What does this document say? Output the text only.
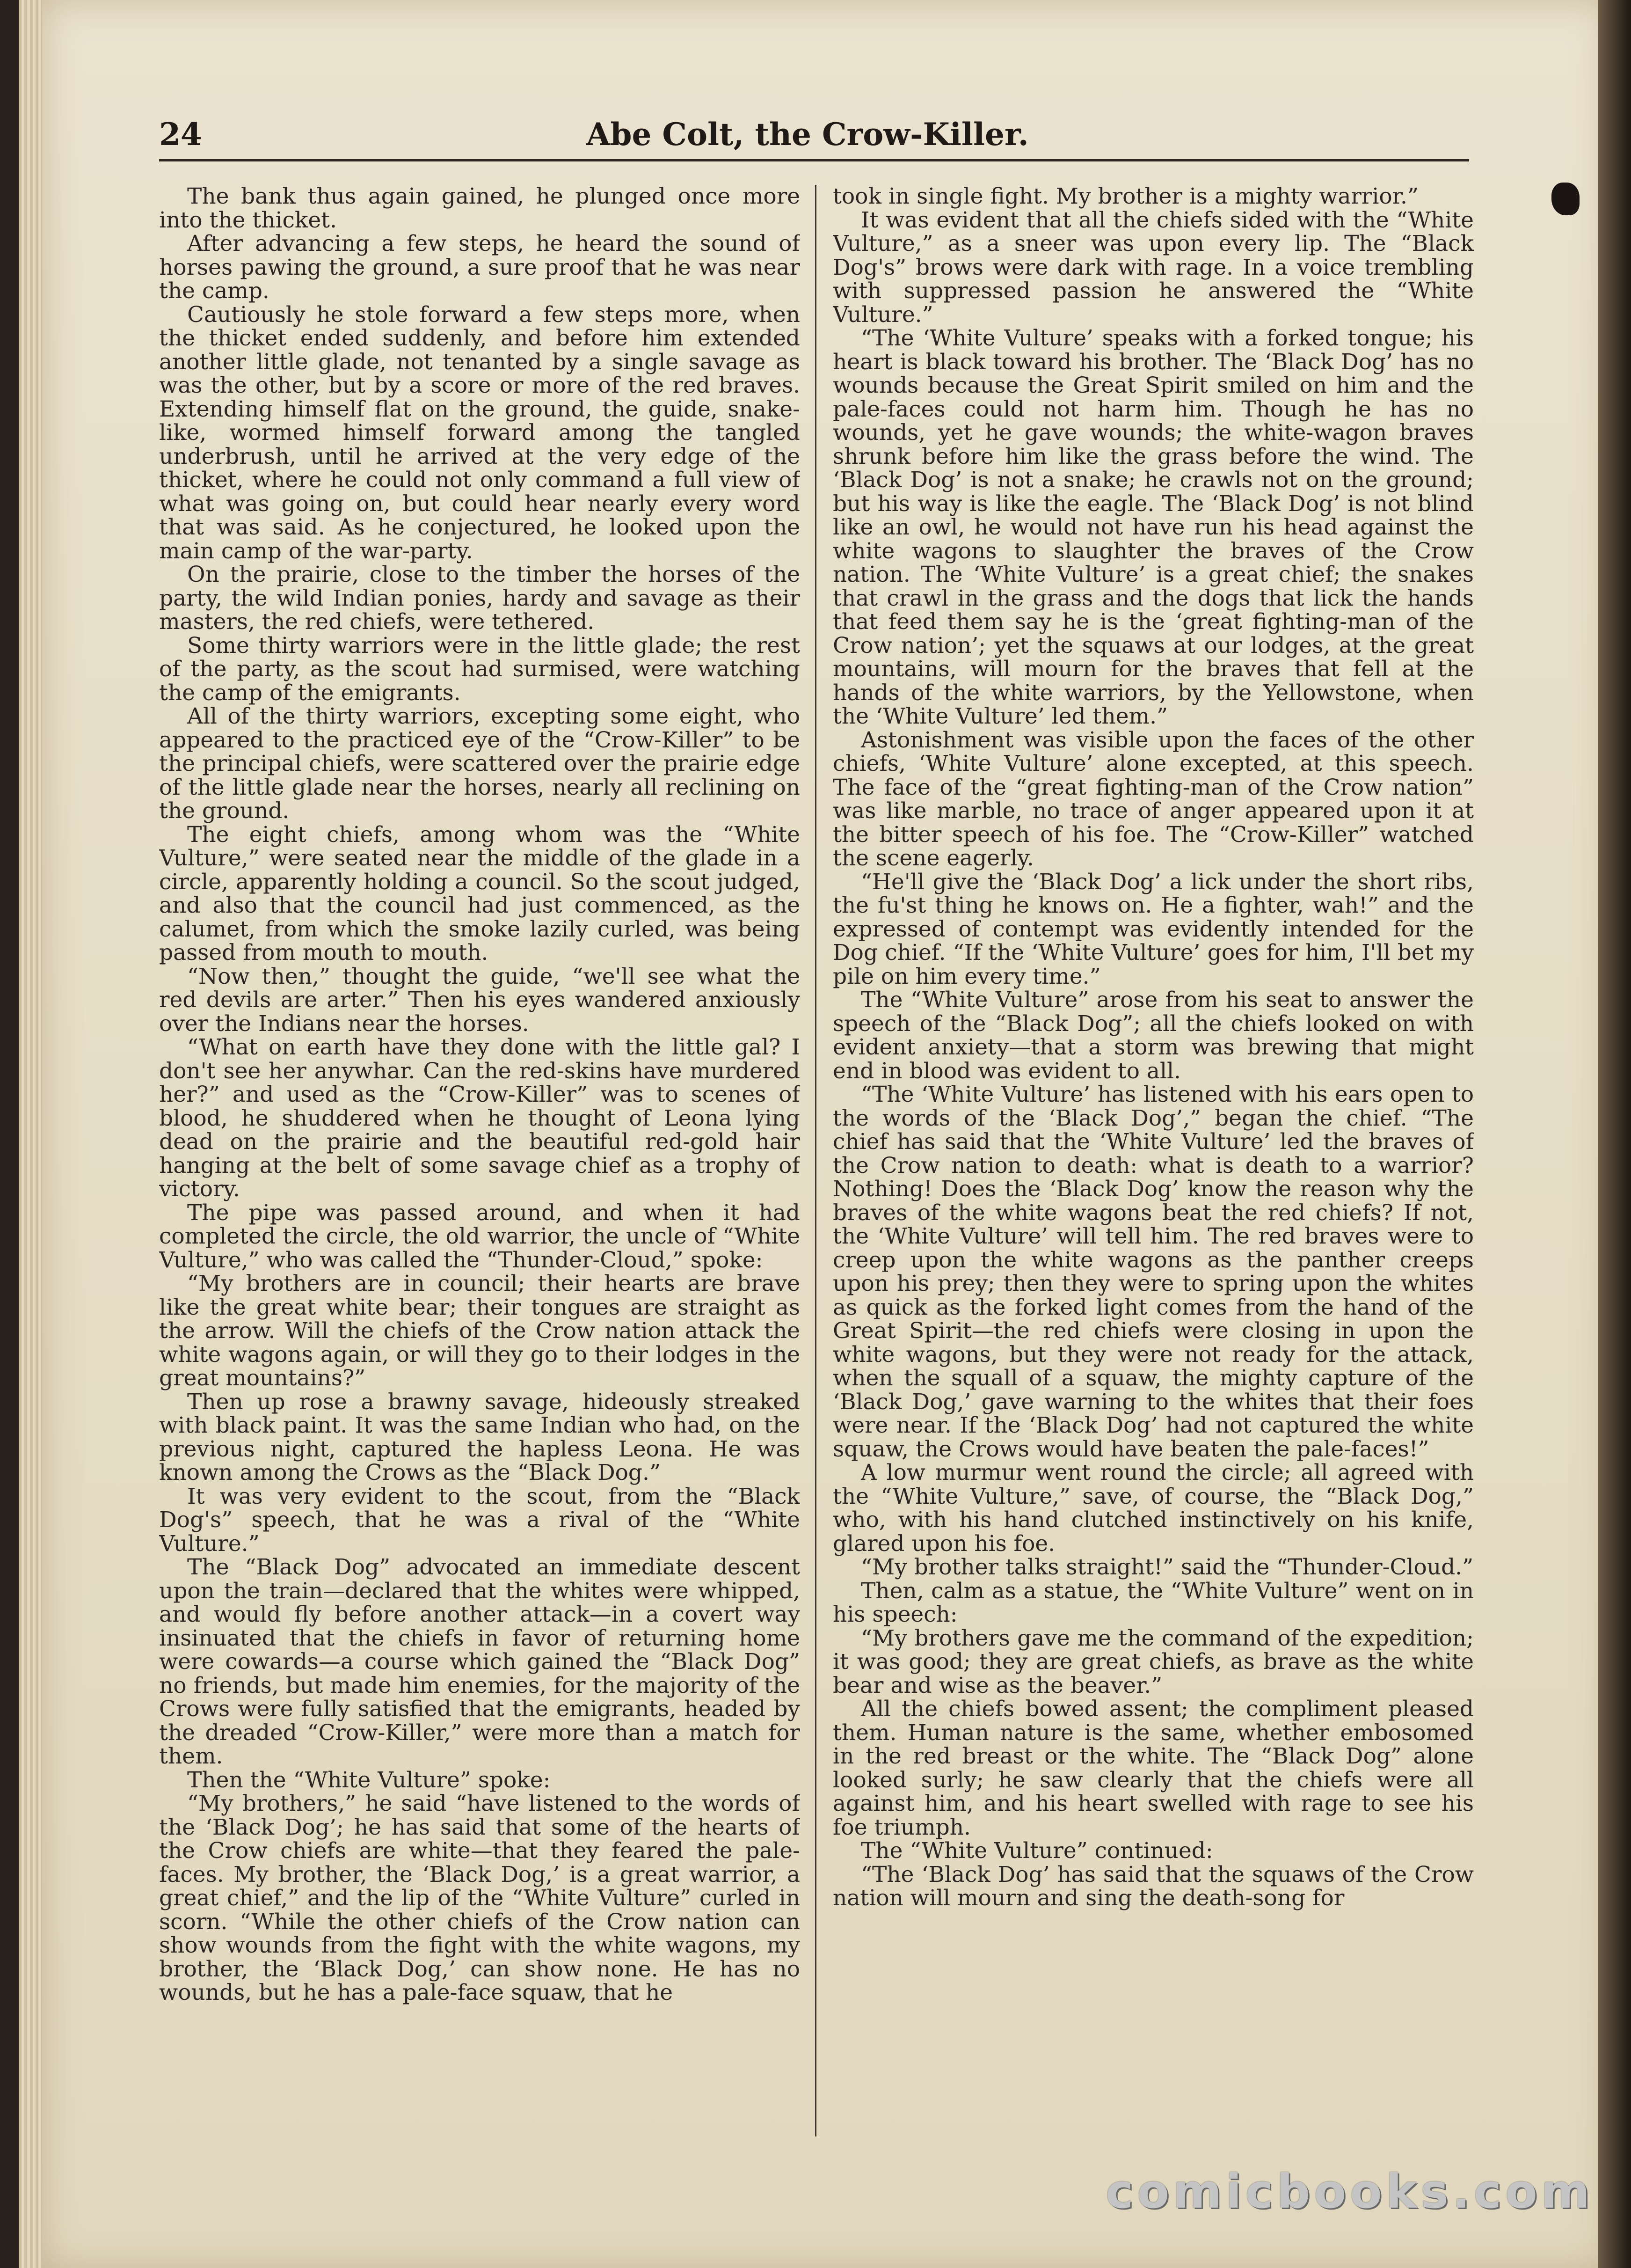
24	Abe Colt, the Crow-Killer.

The bank thus again gained, he plunged once more into the thicket.

After advancing a few steps, he heard the sound of horses pawing the ground, a sure proof that he was near the camp.

Cautiously he stole forward a few steps more, when the thicket ended suddenly, and before him extended another little glade, not tenanted by a single savage as was the other, but by a score or more of the red braves. Extending himself flat on the ground, the guide, snake-like, wormed himself forward among the tangled underbrush, until he arrived at the very edge of the thicket, where he could not only command a full view of what was going on, but could hear nearly every word that was said. As he conjectured, he looked upon the main camp of the war-party.

On the prairie, close to the timber the horses of the party, the wild Indian ponies, hardy and savage as their masters, the red chiefs, were tethered.

Some thirty warriors were in the little glade; the rest of the party, as the scout had surmised, were watching the camp of the emigrants.

All of the thirty warriors, excepting some eight, who appeared to the practiced eye of the “Crow-Killer” to be the principal chiefs, were scattered over the prairie edge of the little glade near the horses, nearly all reclining on the ground.

The eight chiefs, among whom was the “White Vulture,” were seated near the middle of the glade in a circle, apparently holding a council. So the scout judged, and also that the council had just commenced, as the calumet, from which the smoke lazily curled, was being passed from mouth to mouth.

“Now then,” thought the guide, “we'll see what the red devils are arter.” Then his eyes wandered anxiously over the Indians near the horses.

“What on earth have they done with the little gal? I don't see her anywhar. Can the red-skins have murdered her?” and used as the “Crow-Killer” was to scenes of blood, he shuddered when he thought of Leona lying dead on the prairie and the beautiful red-gold hair hanging at the belt of some savage chief as a trophy of victory.

The pipe was passed around, and when it had completed the circle, the old warrior, the uncle of “White Vulture,” who was called the “Thunder-Cloud,” spoke:

“My brothers are in council; their hearts are brave like the great white bear; their tongues are straight as the arrow. Will the chiefs of the Crow nation attack the white wagons again, or will they go to their lodges in the great mountains?”

Then up rose a brawny savage, hideously streaked with black paint. It was the same Indian who had, on the previous night, captured the hapless Leona. He was known among the Crows as the “Black Dog.”

It was very evident to the scout, from the “Black Dog's” speech, that he was a rival of the “White Vulture.”

The “Black Dog” advocated an immediate descent upon the train—declared that the whites were whipped, and would fly before another attack—in a covert way insinuated that the chiefs in favor of returning home were cowards—a course which gained the “Black Dog” no friends, but made him enemies, for the majority of the Crows were fully satisfied that the emigrants, headed by the dreaded “Crow-Killer,” were more than a match for them.

Then the “White Vulture” spoke:

“My brothers,” he said “have listened to the words of the ‘Black Dog’; he has said that some of the hearts of the Crow chiefs are white—that they feared the pale-faces. My brother, the ‘Black Dog,’ is a great warrior, a great chief,” and the lip of the “White Vulture” curled in scorn. “While the other chiefs of the Crow nation can show wounds from the fight with the white wagons, my brother, the ‘Black Dog,’ can show none. He has no wounds, but he has a pale-face squaw, that he

took in single fight. My brother is a mighty warrior.”

It was evident that all the chiefs sided with the “White Vulture,” as a sneer was upon every lip. The “Black Dog's” brows were dark with rage. In a voice trembling with suppressed passion he answered the “White Vulture.”

“The ‘White Vulture’ speaks with a forked tongue; his heart is black toward his brother. The ‘Black Dog’ has no wounds because the Great Spirit smiled on him and the pale-faces could not harm him. Though he has no wounds, yet he gave wounds; the white-wagon braves shrunk before him like the grass before the wind. The ‘Black Dog’ is not a snake; he crawls not on the ground; but his way is like the eagle. The ‘Black Dog’ is not blind like an owl, he would not have run his head against the white wagons to slaughter the braves of the Crow nation. The ‘White Vulture’ is a great chief; the snakes that crawl in the grass and the dogs that lick the hands that feed them say he is the ‘great fighting-man of the Crow nation’; yet the squaws at our lodges, at the great mountains, will mourn for the braves that fell at the hands of the white warriors, by the Yellowstone, when the ‘White Vulture’ led them.”

Astonishment was visible upon the faces of the other chiefs, ‘White Vulture’ alone excepted, at this speech. The face of the “great fighting-man of the Crow nation” was like marble, no trace of anger appeared upon it at the bitter speech of his foe. The “Crow-Killer” watched the scene eagerly.

“He'll give the ‘Black Dog’ a lick under the short ribs, the fu'st thing he knows on. He a fighter, wah!” and the expressed of contempt was evidently intended for the Dog chief. “If the ‘White Vulture’ goes for him, I'll bet my pile on him every time.”

The “White Vulture” arose from his seat to answer the speech of the “Black Dog”; all the chiefs looked on with evident anxiety—that a storm was brewing that might end in blood was evident to all.

“The ‘White Vulture’ has listened with his ears open to the words of the ‘Black Dog’,” began the chief. “The chief has said that the ‘White Vulture’ led the braves of the Crow nation to death: what is death to a warrior? Nothing! Does the ‘Black Dog’ know the reason why the braves of the white wagons beat the red chiefs? If not, the ‘White Vulture’ will tell him. The red braves were to creep upon the white wagons as the panther creeps upon his prey; then they were to spring upon the whites as quick as the forked light comes from the hand of the Great Spirit—the red chiefs were closing in upon the white wagons, but they were not ready for the attack, when the squall of a squaw, the mighty capture of the ‘Black Dog,’ gave warning to the whites that their foes were near. If the ‘Black Dog’ had not captured the white squaw, the Crows would have beaten the pale-faces!”

A low murmur went round the circle; all agreed with the “White Vulture,” save, of course, the “Black Dog,” who, with his hand clutched instinctively on his knife, glared upon his foe.

“My brother talks straight!” said the “Thunder-Cloud.”

Then, calm as a statue, the “White Vulture” went on in his speech:

“My brothers gave me the command of the expedition; it was good; they are great chiefs, as brave as the white bear and wise as the beaver.”

All the chiefs bowed assent; the compliment pleased them. Human nature is the same, whether embosomed in the red breast or the white. The “Black Dog” alone looked surly; he saw clearly that the chiefs were all against him, and his heart swelled with rage to see his foe triumph.

The “White Vulture” continued:

“The ‘Black Dog’ has said that the squaws of the Crow nation will mourn and sing the death-song for

comicbooks.com
